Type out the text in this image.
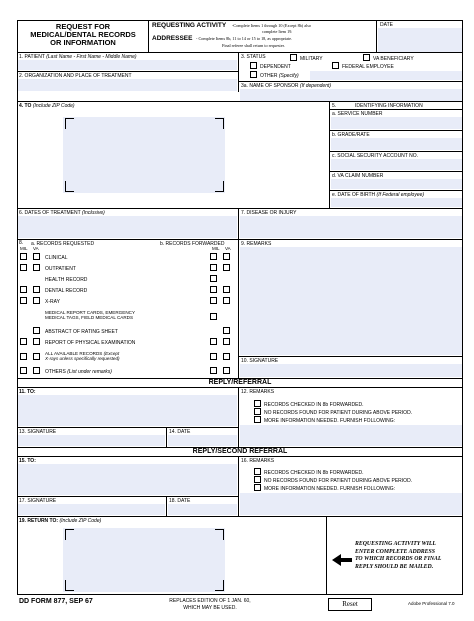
REQUEST FOR
MEDICAL/DENTAL RECORDS
OR INFORMATION
REQUESTING ACTIVITY -Complete Items 1 through 10 (Except 8b) also
complete Item 19.
ADDRESSEE - Complete Items 8b, 11 to 14 or 15 to 18, as appropriate.
Final referee shall return to requester.
DATE
1. PATIENT (Last Name - First Name - Middle Name)
2. ORGANIZATION AND PLACE OF TREATMENT
3. STATUS	MILITARY	VA BENEFICIARY
DEPENDENT	FEDERAL EMPLOYEE
OTHER (Specify)
3a. NAME OF SPONSOR (If dependent)
4. TO (Include ZIP Code)	5.	IDENTIFYING INFORMATION
a. SERVICE NUMBER
b. GRADE/RATE
c. SOCIAL SECURITY ACCOUNT NO.
d. VA CLAIM NUMBER
e. DATE OF BIRTH (If Federal employee)
6. DATES OF TREATMENT (Inclusive)	7. DISEASE OR INJURY
8. a. RECORDS REQUESTED	b. RECORDS FORWARDED
MIL VA	MIL VA
CLINICAL
OUTPATIENT
HEALTH RECORD
DENTAL RECORD
X-RAY
MEDICAL REPORT CARDS, EMERGENCY
MEDICAL TAGS, FIELD MEDICAL CARDS
ABSTRACT OF RATING SHEET
REPORT OF PHYSICAL EXAMINATION
ALL AVAILABLE RECORDS (Except
X-rays unless specifically requested)
OTHERS (List under remarks)
9. REMARKS
10. SIGNATURE
REPLY/REFERRAL
11. TO:	12. REMARKS
RECORDS CHECKED IN 8b FORWARDED.
NO RECORDS FOUND FOR PATIENT DURING ABOVE PERIOD.
MORE INFORMATION NEEDED. FURNISH FOLLOWING:
13. SIGNATURE	14. DATE
REPLY/SECOND REFERRAL
15. TO:	16. REMARKS
RECORDS CHECKED IN 8b FORWARDED.
NO RECORDS FOUND FOR PATIENT DURING ABOVE PERIOD.
MORE INFORMATION NEEDED. FURNISH FOLLOWING:
17. SIGNATURE	18. DATE
19. RETURN TO: (Include ZIP Code)
REQUESTING ACTIVITY WILL
ENTER COMPLETE ADDRESS
TO WHICH RECORDS OR FINAL
REPLY SHOULD BE MAILED.
DD FORM 877, SEP 67	REPLACES EDITION OF 1 JAN. 60,
WHICH MAY BE USED.	Reset	Adobe Professional 7.0
